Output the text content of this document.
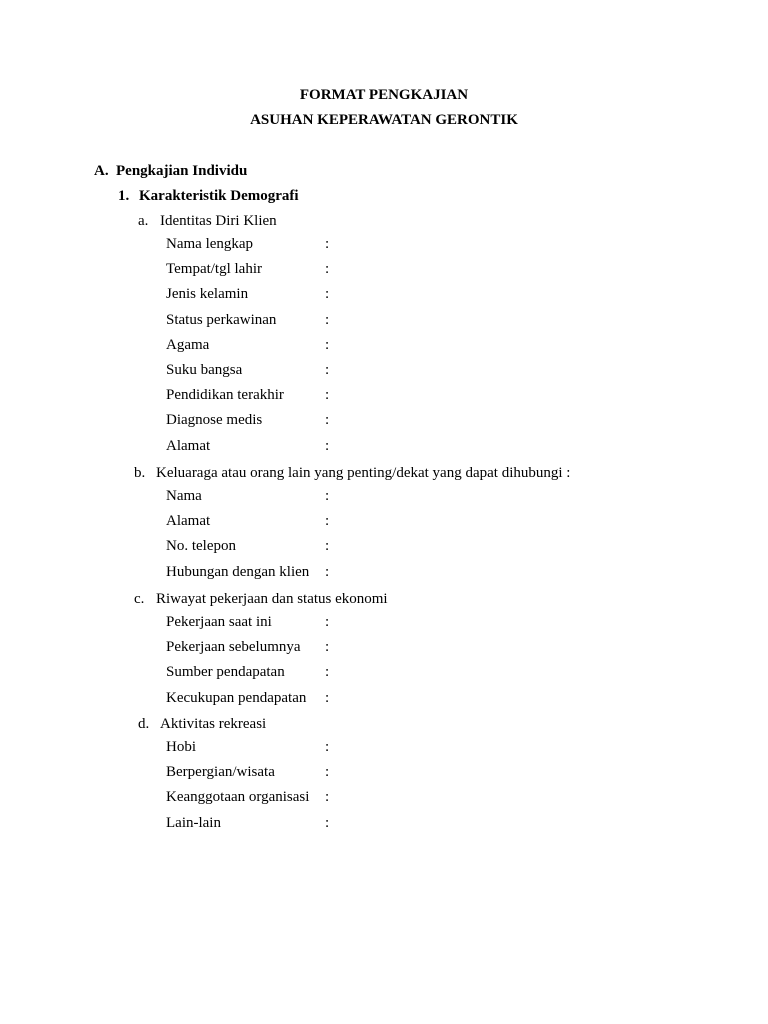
FORMAT PENGKAJIAN
ASUHAN KEPERAWATAN GERONTIK
A. Pengkajian Individu
1. Karakteristik Demografi
a. Identitas Diri Klien
Nama lengkap	:
Tempat/tgl lahir	:
Jenis kelamin	:
Status perkawinan	:
Agama	:
Suku bangsa	:
Pendidikan terakhir	:
Diagnose medis	:
Alamat	:
b. Keluaraga atau orang lain yang penting/dekat yang dapat dihubungi :
Nama	:
Alamat	:
No. telepon	:
Hubungan dengan klien :
c. Riwayat pekerjaan dan status ekonomi
Pekerjaan saat ini	:
Pekerjaan sebelumnya :
Sumber pendapatan	:
Kecukupan pendapatan :
d. Aktivitas rekreasi
Hobi	:
Berpergian/wisata	:
Keanggotaan organisasi :
Lain-lain	:
